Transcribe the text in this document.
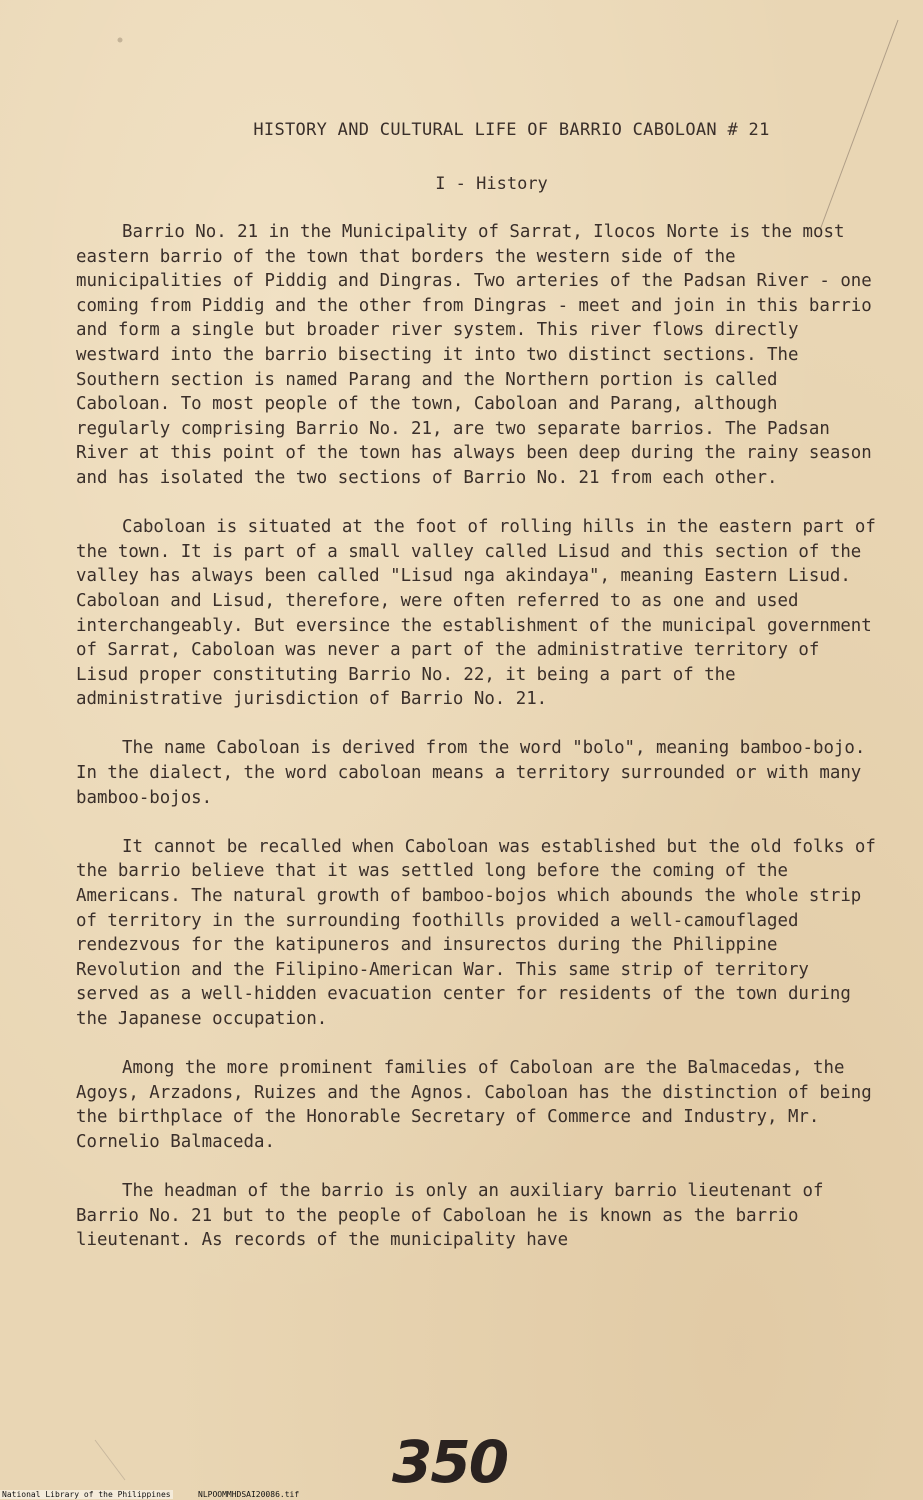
HISTORY AND CULTURAL LIFE OF BARRIO CABOLOAN # 21
I - History

Barrio No. 21 in the Municipality of Sarrat, Ilocos Norte is the most eastern barrio of the town that borders the western side of the municipalities of Piddig and Dingras. Two arteries of the Padsan River - one coming from Piddig and the other from Dingras - meet and join in this barrio and form a single but broader river system. This river flows directly westward into the barrio bisecting it into two distinct sections. The Southern section is named Parang and the Northern portion is called Caboloan. To most people of the town, Caboloan and Parang, although regularly comprising Barrio No. 21, are two separate barrios. The Padsan River at this point of the town has always been deep during the rainy season and has isolated the two sections of Barrio No. 21 from each other.

Caboloan is situated at the foot of rolling hills in the eastern part of the town. It is part of a small valley called Lisud and this section of the valley has always been called "Lisud nga akindaya", meaning Eastern Lisud. Caboloan and Lisud, therefore, were often referred to as one and used interchangeably. But eversince the establishment of the municipal government of Sarrat, Caboloan was never a part of the administrative territory of Lisud proper constituting Barrio No. 22, it being a part of the administrative jurisdiction of Barrio No. 21.

The name Caboloan is derived from the word "bolo", meaning bamboo-bojo. In the dialect, the word caboloan means a territory surrounded or with many bamboo-bojos.

It cannot be recalled when Caboloan was established but the old folks of the barrio believe that it was settled long before the coming of the Americans. The natural growth of bamboo-bojos which abounds the whole strip of territory in the surrounding foothills provided a well-camouflaged rendezvous for the katipuneros and insurectos during the Philippine Revolution and the Filipino-American War. This same strip of territory served as a well-hidden evacuation center for residents of the town during the Japanese occupation.

Among the more prominent families of Caboloan are the Balmacedas, the Agoys, Arzadons, Ruizes and the Agnos. Caboloan has the distinction of being the birthplace of the Honorable Secretary of Commerce and Industry, Mr. Cornelio Balmaceda.

The headman of the barrio is only an auxiliary barrio lieutenant of Barrio No. 21 but to the people of Caboloan he is known as the barrio lieutenant. As records of the municipality have

350
National Library of the Philippines	NLPOOMMHDSAI20086.tif
